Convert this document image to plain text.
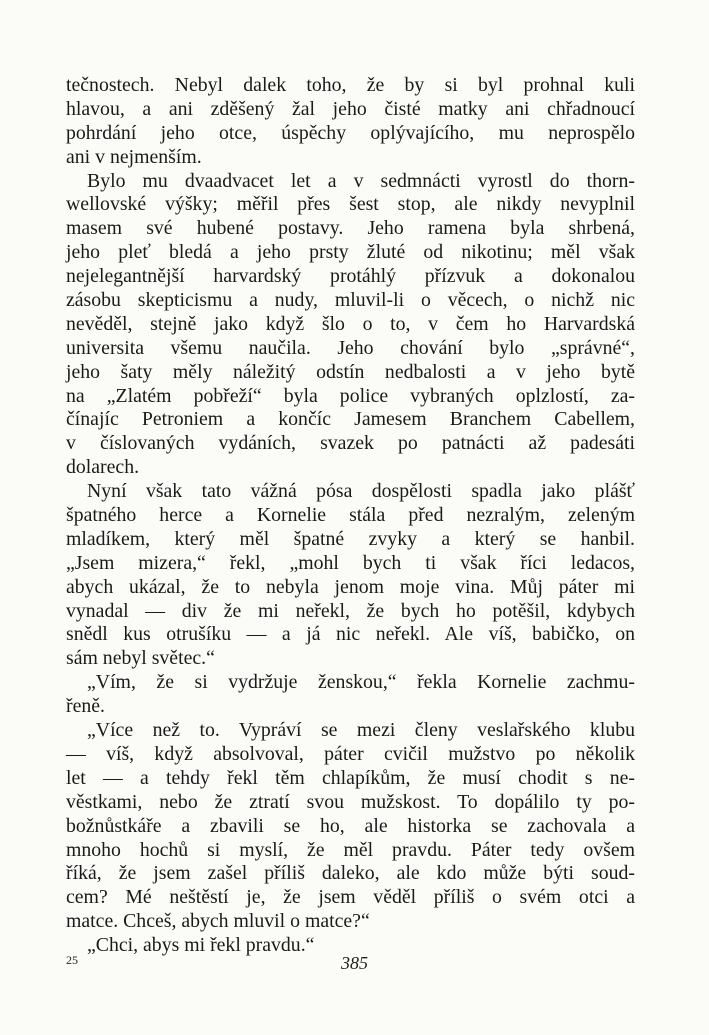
tečnostech. Nebyl dalek toho, že by si byl prohnal kuli
hlavou, a ani zděšený žal jeho čisté matky ani chřadnoucí
pohrdání jeho otce, úspěchy oplývajícího, mu neprospělo
ani v nejmenším.
Bylo mu dvaadvacet let a v sedmnácti vyrostl do thorn-
wellovské výšky; měřil přes šest stop, ale nikdy nevyplnil
masem své hubené postavy. Jeho ramena byla shrbená,
jeho pleť bledá a jeho prsty žluté od nikotinu; měl však
nejelegantnější harvardský protáhlý přízvuk a dokonalou
zásobu skepticismu a nudy, mluvil-li o věcech, o nichž nic
nevěděl, stejně jako když šlo o to, v čem ho Harvardská
universita všemu naučila. Jeho chování bylo „správné“,
jeho šaty měly náležitý odstín nedbalosti a v jeho bytě
na „Zlatém pobřeží“ byla police vybraných oplzlostí, za-
čínajíc Petroniem a končíc Jamesem Branchem Cabellem,
v číslovaných vydáních, svazek po patnácti až padesáti
dolarech.
Nyní však tato vážná pósa dospělosti spadla jako plášť
špatného herce a Kornelie stála před nezralým, zeleným
mladíkem, který měl špatné zvyky a který se hanbil.
„Jsem mizera,“ řekl, „mohl bych ti však říci ledacos,
abych ukázal, že to nebyla jenom moje vina. Můj páter mi
vynadal — div že mi neřekl, že bych ho potěšil, kdybych
snědl kus otrušíku — a já nic neřekl. Ale víš, babičko, on
sám nebyl světec.“
„Vím, že si vydržuje ženskou,“ řekla Kornelie zachmu-
řeně.
„Více než to. Vypráví se mezi členy veslařského klubu
— víš, když absolvoval, páter cvičil mužstvo po několik
let — a tehdy řekl těm chlapíkům, že musí chodit s ne-
věstkami, nebo že ztratí svou mužskost. To dopálilo ty po-
božnůstkáře a zbavili se ho, ale historka se zachovala a
mnoho hochů si myslí, že měl pravdu. Páter tedy ovšem
říká, že jsem zašel příliš daleko, ale kdo může býti soud-
cem? Mé neštěstí je, že jsem věděl příliš o svém otci a
matce. Chceš, abych mluvil o matce?“
„Chci, abys mi řekl pravdu.“
25	385
